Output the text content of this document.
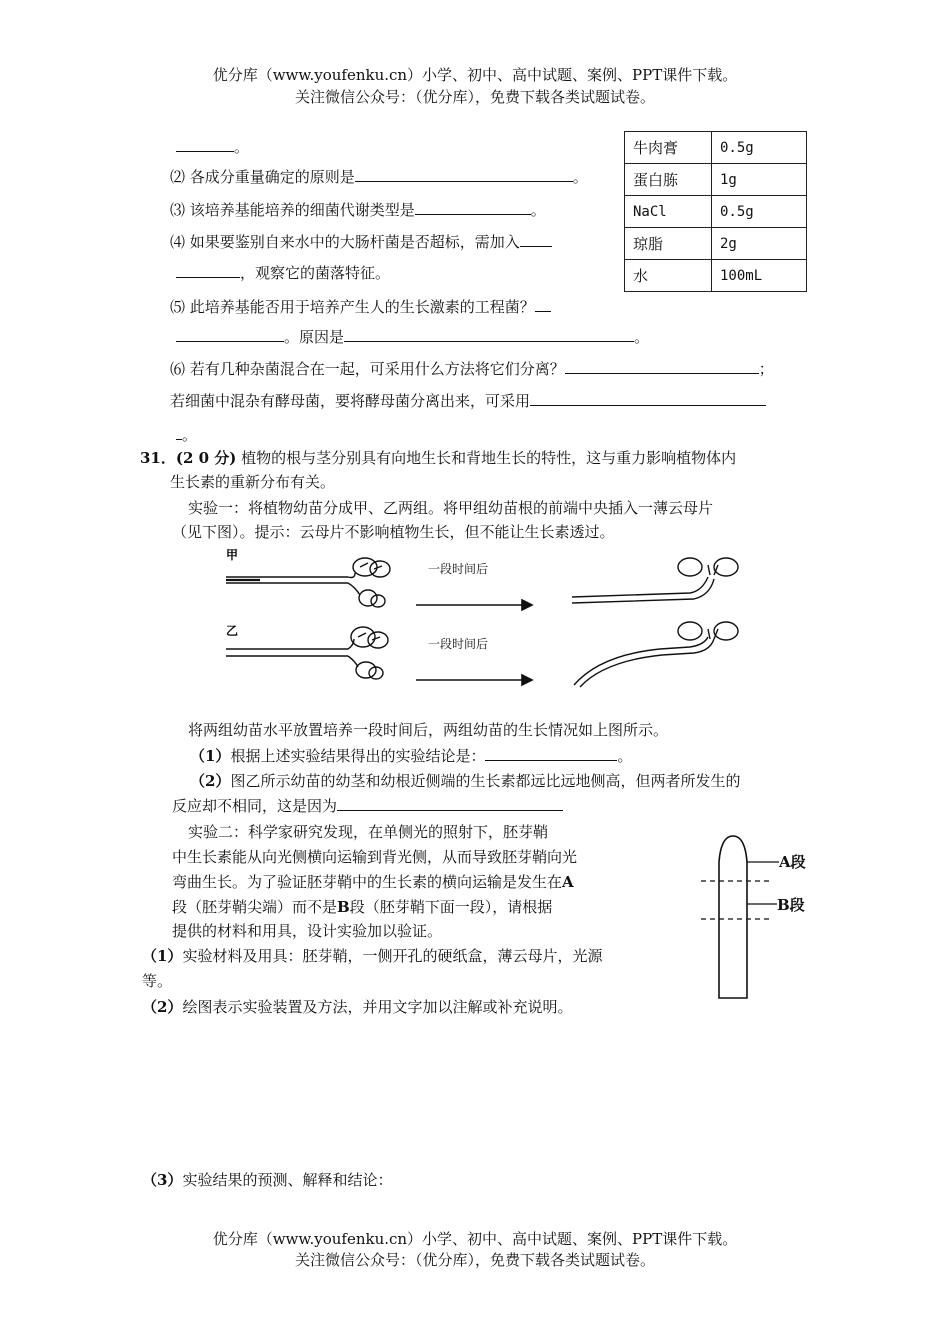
优分库（www.youfenku.cn）小学、初中、高中试题、案例、PPT课件下载。
关注微信公众号：（优分库），免费下载各类试题试卷。
。
⑵ 各成分重量确定的原则是	。
⑶ 该培养基能培养的细菌代谢类型是	。
⑷ 如果要鉴别自来水中的大肠杆菌是否超标，需加入
，观察它的菌落特征。
⑸ 此培养基能否用于培养产生人的生长激素的工程菌？
。原因是	。
⑹ 若有几种杂菌混合在一起，可采用什么方法将它们分离？	；
若细菌中混杂有酵母菌，要将酵母菌分离出来，可采用
。
牛肉膏	0.5g
蛋白胨	1g
NaCl	0.5g
琼脂	2g
水	100mL
31．(2 0 分) 植物的根与茎分别具有向地生长和背地生长的特性，这与重力影响植物体内
生长素的重新分布有关。
实验一：将植物幼苗分成甲、乙两组。将甲组幼苗根的前端中央插入一薄云母片
（见下图）。提示：云母片不影响植物生长，但不能让生长素透过。
甲
乙
一段时间后
一段时间后
将两组幼苗水平放置培养一段时间后，两组幼苗的生长情况如上图所示。
（1）根据上述实验结果得出的实验结论是：	。
（2）图乙所示幼苗的幼茎和幼根近侧端的生长素都远比远地侧高，但两者所发生的
反应却不相同，这是因为
实验二：科学家研究发现，在单侧光的照射下，胚芽鞘
中生长素能从向光侧横向运输到背光侧，从而导致胚芽鞘向光
弯曲生长。为了验证胚芽鞘中的生长素的横向运输是发生在A
段（胚芽鞘尖端）而不是B段（胚芽鞘下面一段），请根据
提供的材料和用具，设计实验加以验证。
（1）实验材料及用具：胚芽鞘，一侧开孔的硬纸盒，薄云母片，光源
等。
（2）绘图表示实验装置及方法，并用文字加以注解或补充说明。
A段
B段
（3）实验结果的预测、解释和结论：
优分库（www.youfenku.cn）小学、初中、高中试题、案例、PPT课件下载。
关注微信公众号：（优分库），免费下载各类试题试卷。
